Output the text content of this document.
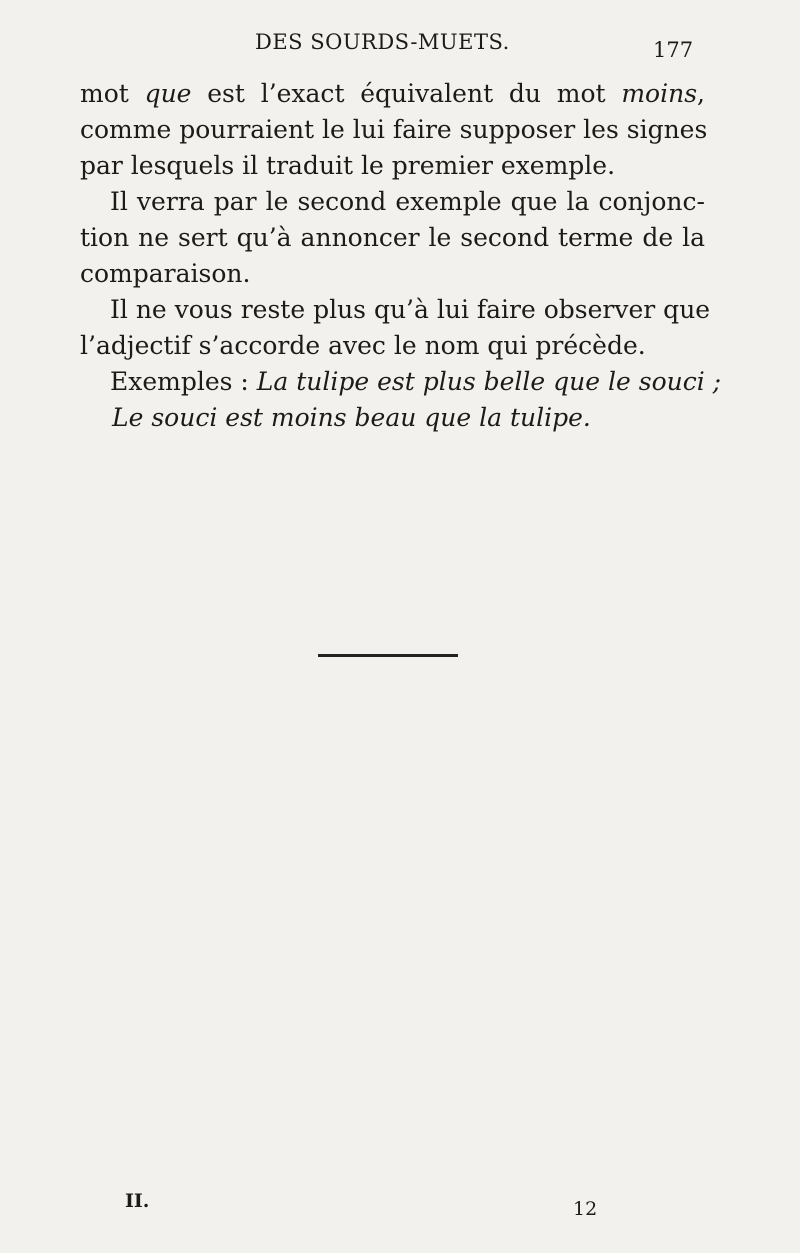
DES SOURDS-MUETS.	177
mot que est l’exact équivalent du mot moins,
comme pourraient le lui faire supposer les signes
par lesquels il traduit le premier exemple.
Il verra par le second exemple que la conjonc-
tion ne sert qu’à annoncer le second terme de la
comparaison.
Il ne vous reste plus qu’à lui faire observer que
l’adjectif s’accorde avec le nom qui précède.
Exemples : La tulipe est plus belle que le souci ;
Le souci est moins beau que la tulipe.
II.	12
